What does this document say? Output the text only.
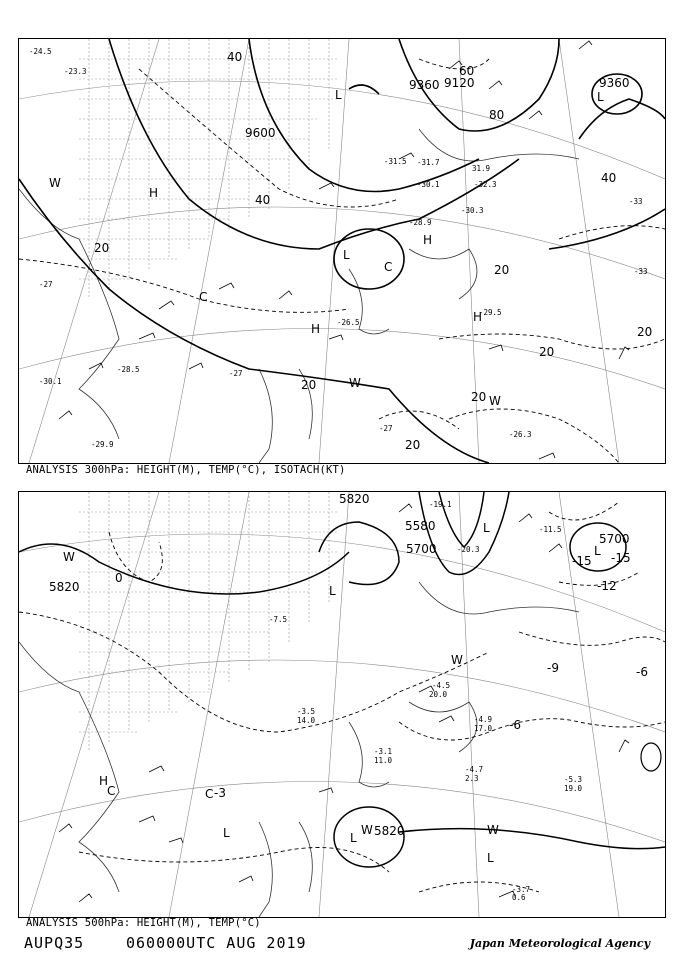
9360 9120	9360
9600
40
40
60
80
20
20
20
20
20
20
20
40
-31.5 -31.7
31.9
-32.3
-30.1
-30.3
-28.9
-26.5
-29.5
-26.3
-28.5
-24.5
-23.3
-29.9
-30.1
-27
-27
-27
-33
-33
H
H
H
H
L
L
L
W
W
W
C
C
ANALYSIS 300hPa: HEIGHT(M), TEMP(°C), ISOTACH(KT)
5820
5700
5580
5700
5820
5820
-15
-15
-12
-9	-6
-6
-3
0
-4.5
20.0
-4.7
2.3	-5.3
19.0
-3.7
0.6
-3.1
11.0
-4.9
17.0
-20.3
-19.1
-11.5
-3.5
14.0
-7.5
L
L
L
L
L
L
W
W	W
W
H
C	C
ANALYSIS 500hPa: HEIGHT(M), TEMP(°C)
AUPQ35	060000UTC AUG 2019	Japan Meteorological Agency
